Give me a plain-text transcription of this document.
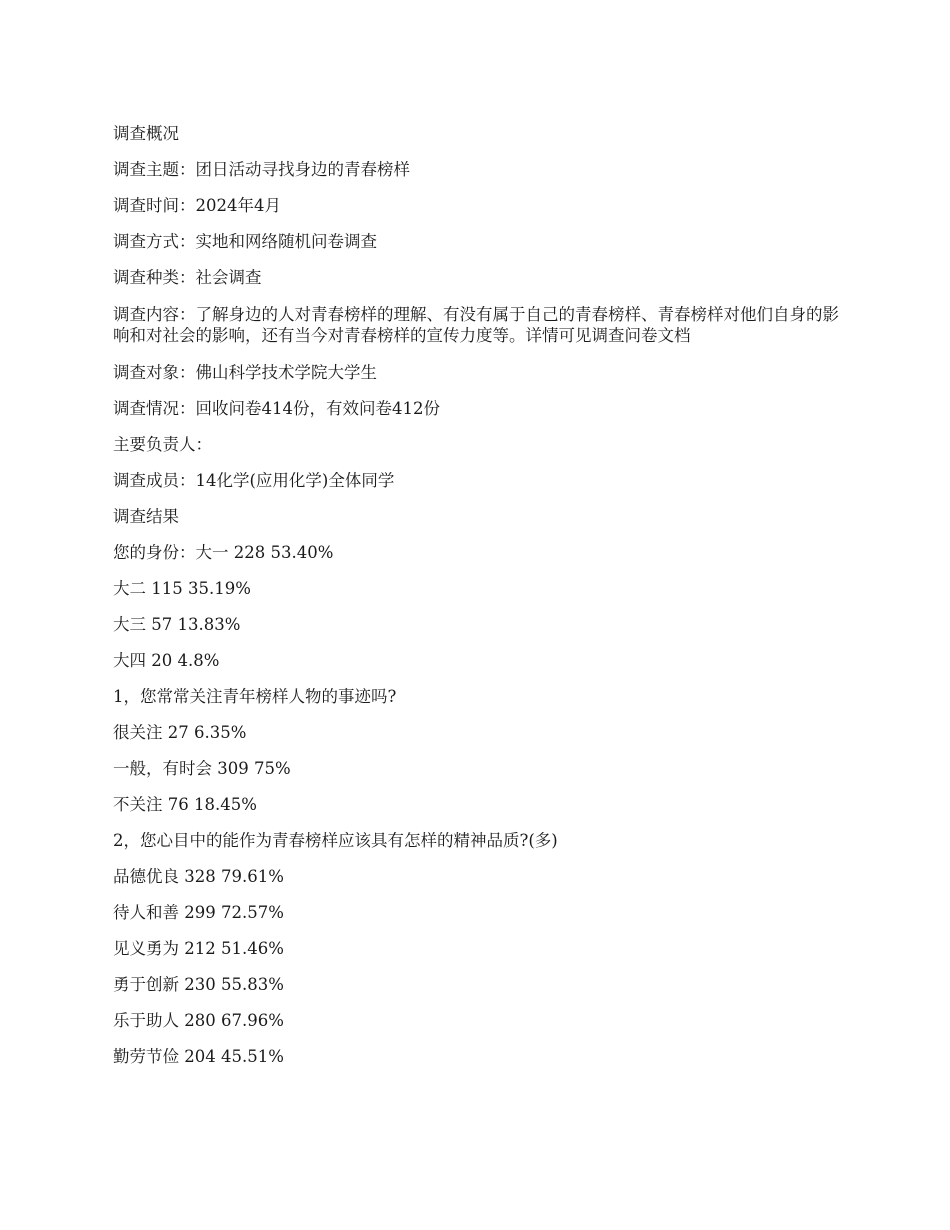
调查概况

调查主题：团日活动寻找身边的青春榜样

调查时间：2024年4月

调查方式：实地和网络随机问卷调查

调查种类：社会调查

调查内容：了解身边的人对青春榜样的理解、有没有属于自己的青春榜样、青春榜样对他们自身的影响和对社会的影响，还有当今对青春榜样的宣传力度等。详情可见调查问卷文档

调查对象：佛山科学技术学院大学生

调查情况：回收问卷414份，有效问卷412份

主要负责人：

调查成员：14化学(应用化学)全体同学

调查结果

您的身份：大一 228 53.40%

大二 115 35.19%

大三 57 13.83%

大四 20 4.8%

1，您常常关注青年榜样人物的事迹吗?

很关注 27 6.35%

一般，有时会 309 75%

不关注 76 18.45%

2，您心目中的能作为青春榜样应该具有怎样的精神品质?(多)

品德优良 328 79.61%

待人和善 299 72.57%

见义勇为 212 51.46%

勇于创新 230 55.83%

乐于助人 280 67.96%

勤劳节俭 204 45.51%
